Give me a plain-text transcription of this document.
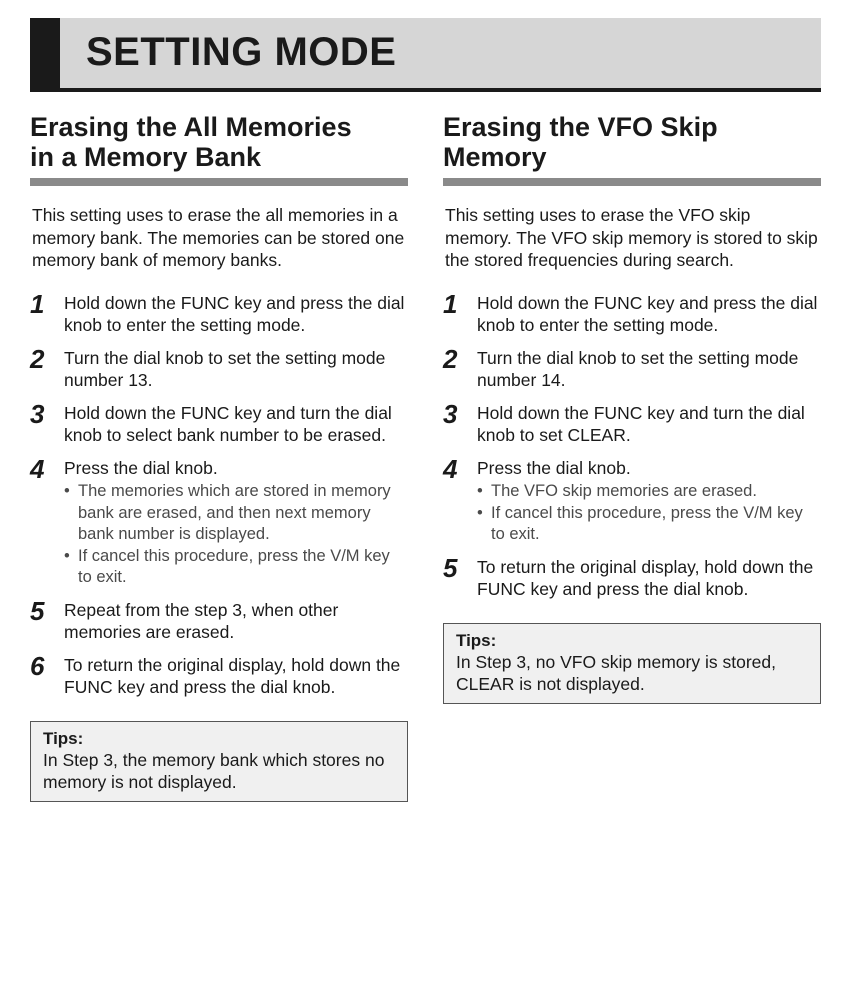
SETTING MODE
Erasing the All Memories
in a Memory Bank

This setting uses to erase the all memories in a memory bank. The memories can be stored one memory bank of memory banks.

1 Hold down the FUNC key and press the dial knob to enter the setting mode.
2 Turn the dial knob to set the setting mode number 13.
3 Hold down the FUNC key and turn the dial knob to select bank number to be erased.
4 Press the dial knob.
• The memories which are stored in memory bank are erased, and then next memory bank number is displayed.
• If cancel this procedure, press the V/M key to exit.
5 Repeat from the step 3, when other memories are erased.
6 To return the original display, hold down the FUNC key and press the dial knob.
Tips:
In Step 3, the memory bank which stores no memory is not displayed.
Erasing the VFO Skip
Memory

This setting uses to erase the VFO skip memory. The VFO skip memory is stored to skip the stored frequencies during search.

1 Hold down the FUNC key and press the dial knob to enter the setting mode.
2 Turn the dial knob to set the setting mode number 14.
3 Hold down the FUNC key and turn the dial knob to set CLEAR.
4 Press the dial knob.
• The VFO skip memories are erased.
• If cancel this procedure, press the V/M key to exit.
5 To return the original display, hold down the FUNC key and press the dial knob.
Tips:
In Step 3, no VFO skip memory is stored, CLEAR is not displayed.
